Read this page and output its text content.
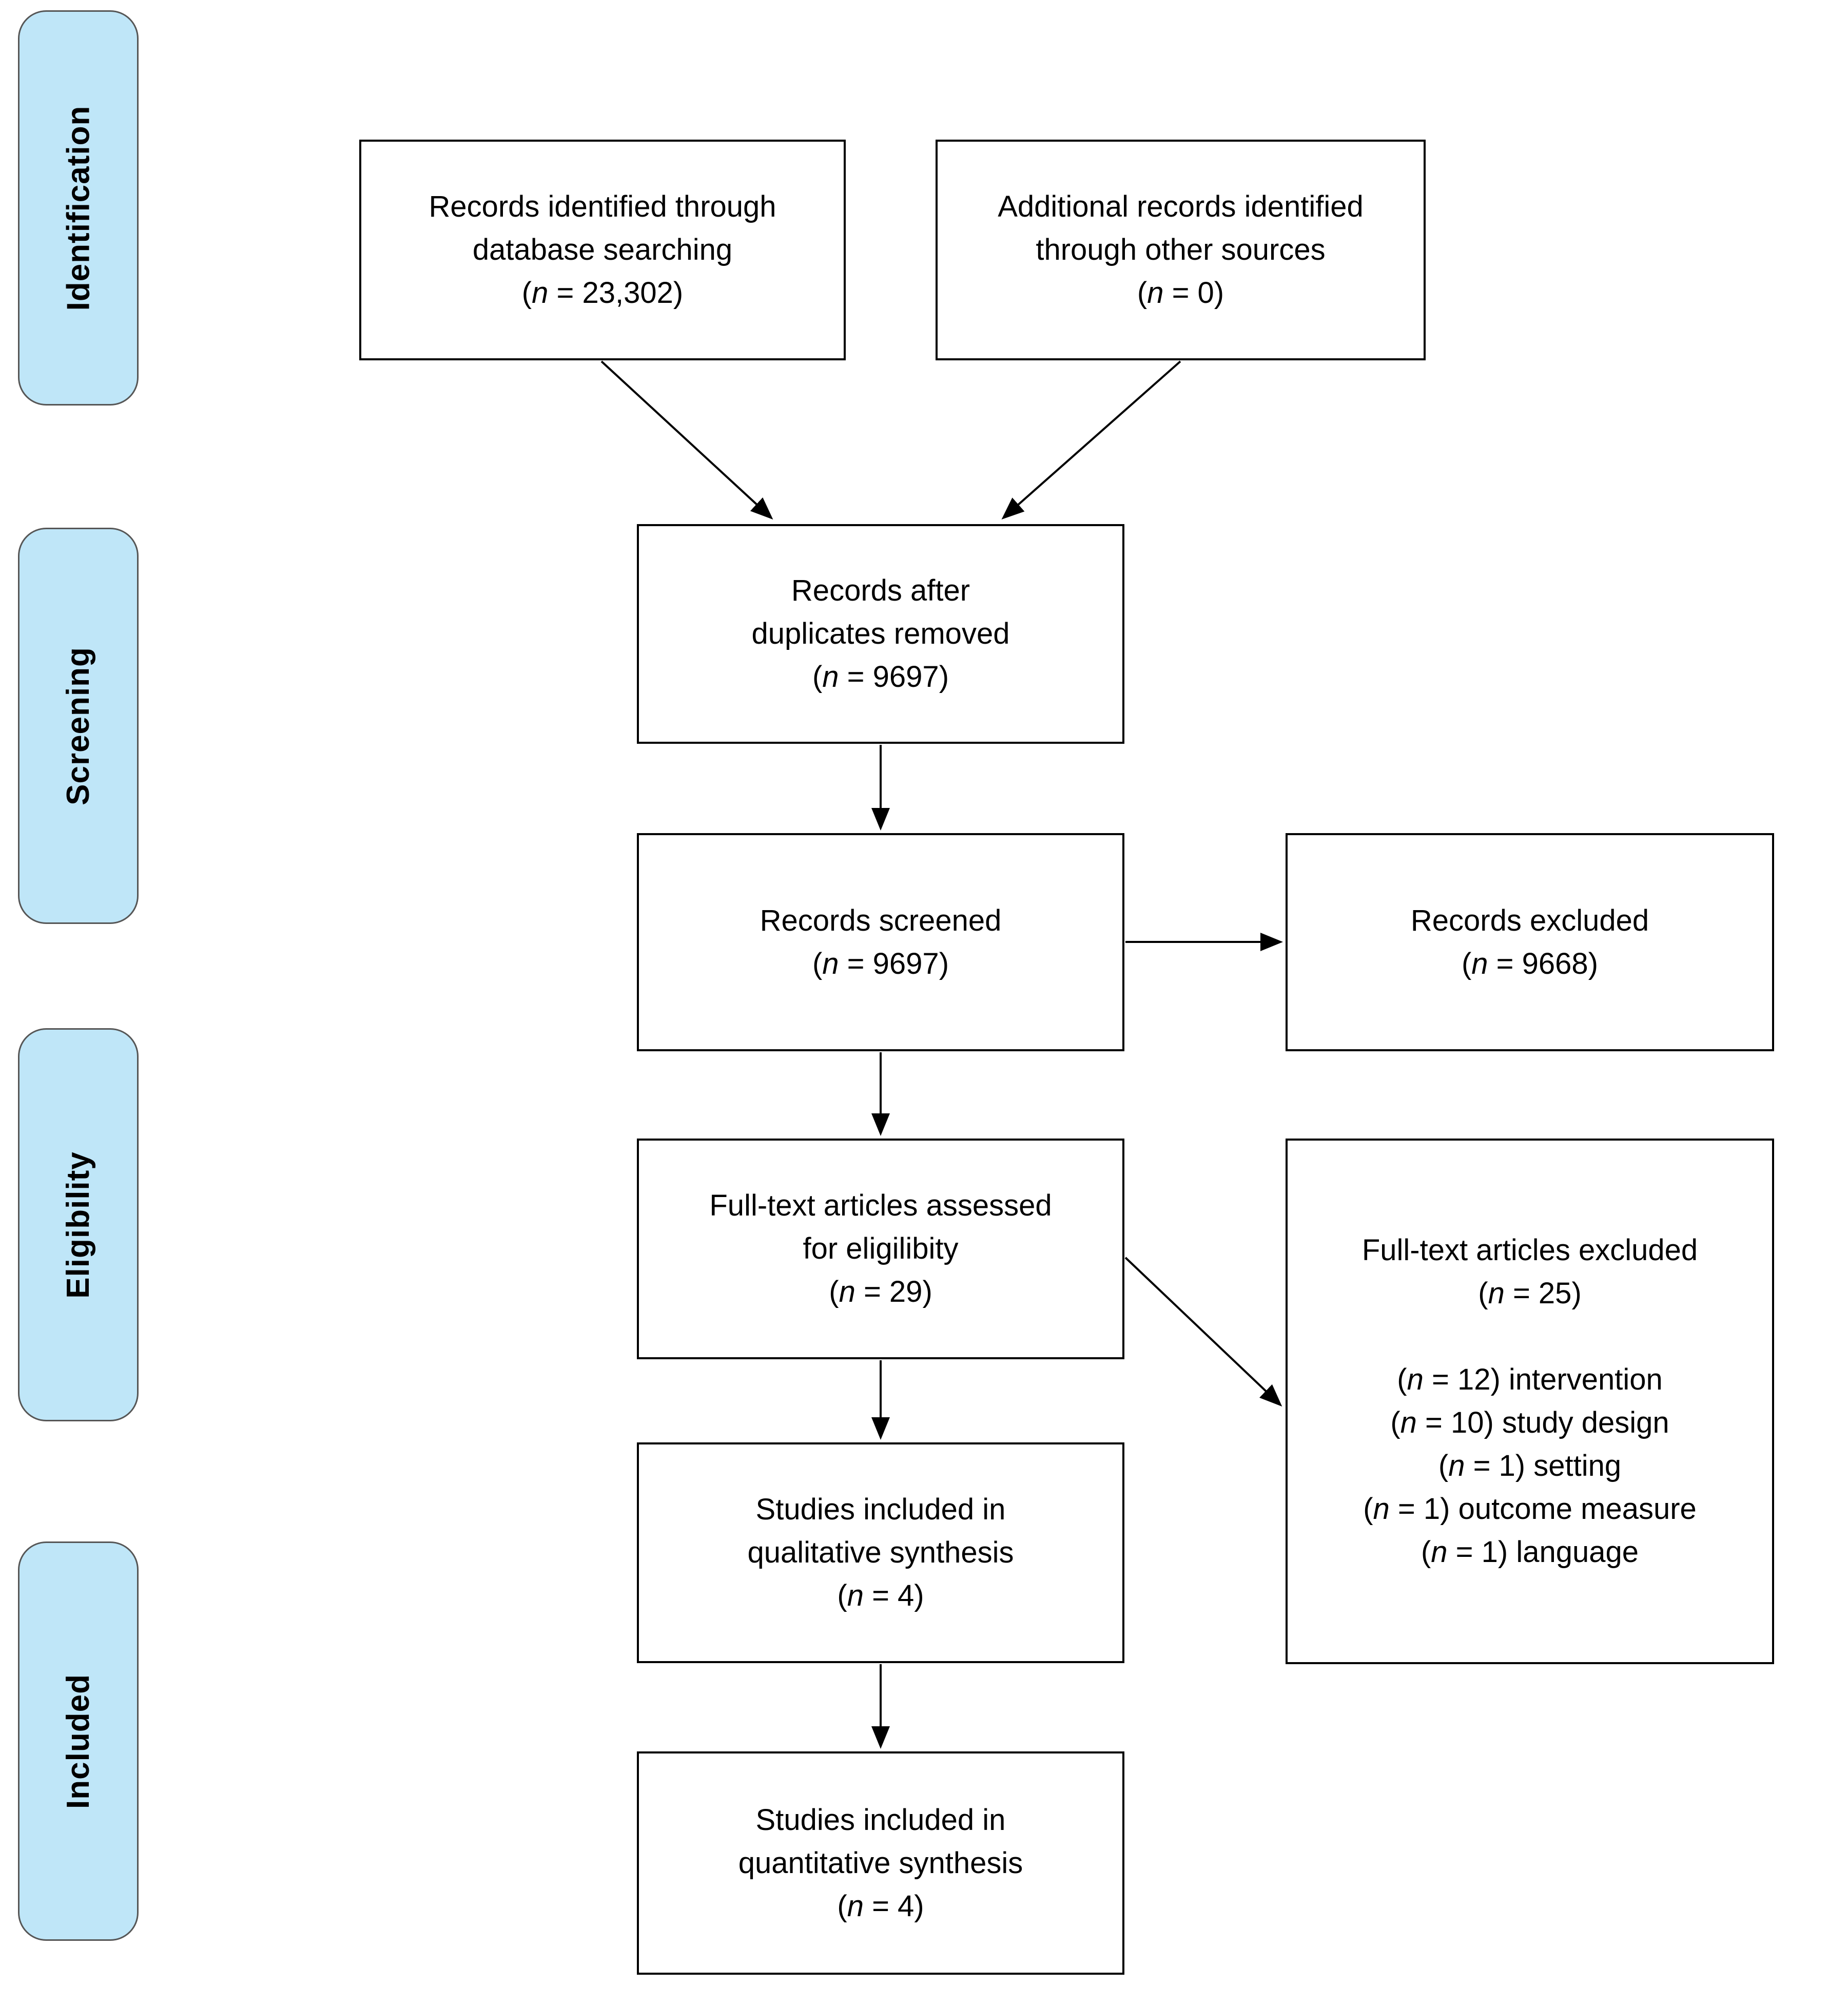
Identification
Screening
Eligibility
Included
Records identified through
database searching
(n = 23,302)
Additional records identified
through other sources
(n = 0)
Records after
duplicates removed
(n = 9697)
Records screened
(n = 9697)
Records excluded
(n = 9668)
Full-text articles assessed
for eligilibity
(n = 29)
Full-text articles excluded
(n = 25)

(n = 12) intervention
(n = 10) study design
(n = 1) setting
(n = 1) outcome measure
(n = 1) language
Studies included in
qualitative synthesis
(n = 4)
Studies included in
quantitative synthesis
(n = 4)
